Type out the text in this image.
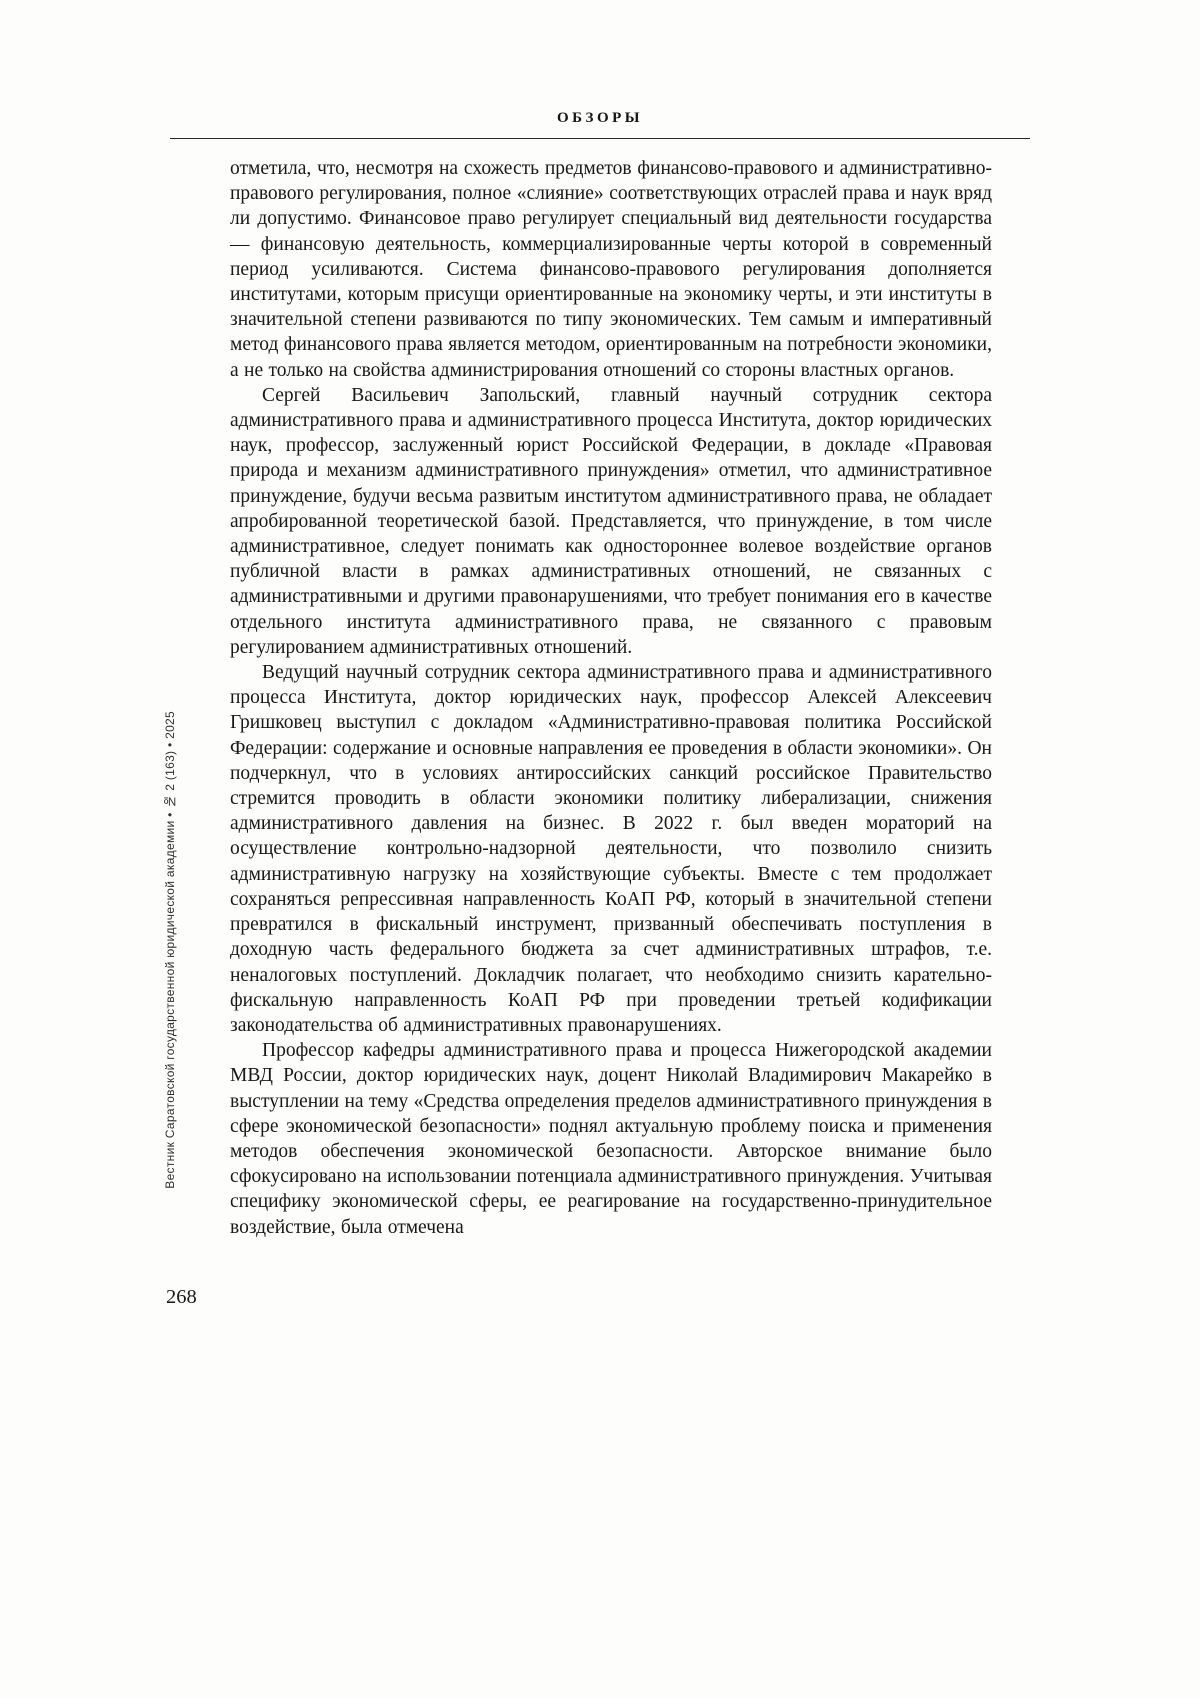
ОБЗОРЫ
Вестник Саратовской государственной юридической академии • № 2 (163) • 2025
268

отметила, что, несмотря на схожесть предметов финансово-правового и административно-правового регулирования, полное «слияние» соответствующих отраслей права и наук вряд ли допустимо. Финансовое право регулирует специальный вид деятельности государства — финансовую деятельность, коммерциализированные черты которой в современный период усиливаются. Система финансово-правового регулирования дополняется институтами, которым присущи ориентированные на экономику черты, и эти институты в значительной степени развиваются по типу экономических. Тем самым и императивный метод финансового права является методом, ориентированным на потребности экономики, а не только на свойства администрирования отношений со стороны властных органов.

Сергей Васильевич Запольский, главный научный сотрудник сектора административного права и административного процесса Института, доктор юридических наук, профессор, заслуженный юрист Российской Федерации, в докладе «Правовая природа и механизм административного принуждения» отметил, что административное принуждение, будучи весьма развитым институтом административного права, не обладает апробированной теоретической базой. Представляется, что принуждение, в том числе административное, следует понимать как одностороннее волевое воздействие органов публичной власти в рамках административных отношений, не связанных с административными и другими правонарушениями, что требует понимания его в качестве отдельного института административного права, не связанного с правовым регулированием административных отношений.

Ведущий научный сотрудник сектора административного права и административного процесса Института, доктор юридических наук, профессор Алексей Алексеевич Гришковец выступил с докладом «Административно-правовая политика Российской Федерации: содержание и основные направления ее проведения в области экономики». Он подчеркнул, что в условиях антироссийских санкций российское Правительство стремится проводить в области экономики политику либерализации, снижения административного давления на бизнес. В 2022 г. был введен мораторий на осуществление контрольно-надзорной деятельности, что позволило снизить административную нагрузку на хозяйствующие субъекты. Вместе с тем продолжает сохраняться репрессивная направленность КоАП РФ, который в значительной степени превратился в фискальный инструмент, призванный обеспечивать поступления в доходную часть федерального бюджета за счет административных штрафов, т.е. неналоговых поступлений. Докладчик полагает, что необходимо снизить карательно-фискальную направленность КоАП РФ при проведении третьей кодификации законодательства об административных правонарушениях.

Профессор кафедры административного права и процесса Нижегородской академии МВД России, доктор юридических наук, доцент Николай Владимирович Макарейко в выступлении на тему «Средства определения пределов административного принуждения в сфере экономической безопасности» поднял актуальную проблему поиска и применения методов обеспечения экономической безопасности. Авторское внимание было сфокусировано на использовании потенциала административного принуждения. Учитывая специфику экономической сферы, ее реагирование на государственно-принудительное воздействие, была отмечена
